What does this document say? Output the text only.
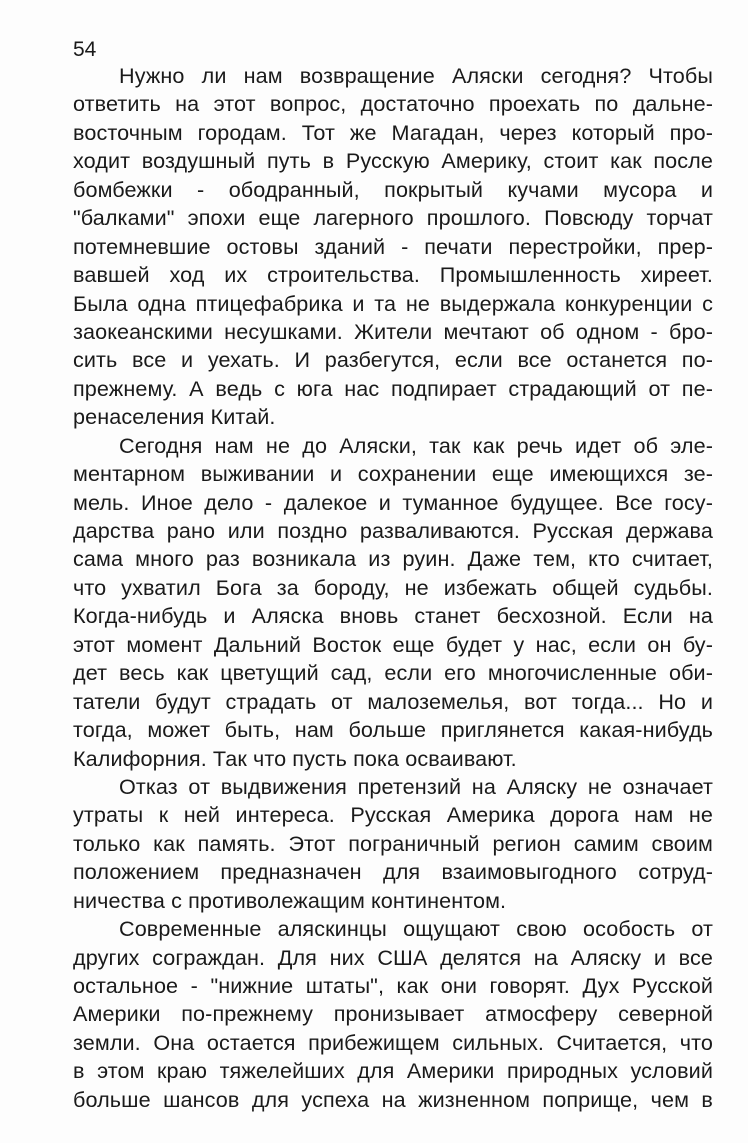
54
Нужно ли нам возвращение Аляски сегодня? Чтобы
ответить на этот вопрос, достаточно проехать по дальне-
восточным городам. Тот же Магадан, через который про-
ходит воздушный путь в Русскую Америку, стоит как после
бомбежки - ободранный, покрытый кучами мусора и
"балками" эпохи еще лагерного прошлого. Повсюду торчат
потемневшие остовы зданий - печати перестройки, прер-
вавшей ход их строительства. Промышленность хиреет.
Была одна птицефабрика и та не выдержала конкуренции с
заокеанскими несушками. Жители мечтают об одном - бро-
сить все и уехать. И разбегутся, если все останется по-
прежнему. А ведь с юга нас подпирает страдающий от пе-
ренаселения Китай.
Сегодня нам не до Аляски, так как речь идет об эле-
ментарном выживании и сохранении еще имеющихся зе-
мель. Иное дело - далекое и туманное будущее. Все госу-
дарства рано или поздно разваливаются. Русская держава
сама много раз возникала из руин. Даже тем, кто считает,
что ухватил Бога за бороду, не избежать общей судьбы.
Когда-нибудь и Аляска вновь станет бесхозной. Если на
этот момент Дальний Восток еще будет у нас, если он бу-
дет весь как цветущий сад, если его многочисленные оби-
татели будут страдать от малоземелья, вот тогда... Но и
тогда, может быть, нам больше приглянется какая-нибудь
Калифорния. Так что пусть пока осваивают.
Отказ от выдвижения претензий на Аляску не означает
утраты к ней интереса. Русская Америка дорога нам не
только как память. Этот пограничный регион самим своим
положением предназначен для взаимовыгодного сотруд-
ничества с противолежащим континентом.
Современные аляскинцы ощущают свою особость от
других сограждан. Для них США делятся на Аляску и все
остальное - "нижние штаты", как они говорят. Дух Русской
Америки по-прежнему пронизывает атмосферу северной
земли. Она остается прибежищем сильных. Считается, что
в этом краю тяжелейших для Америки природных условий
больше шансов для успеха на жизненном поприще, чем в
